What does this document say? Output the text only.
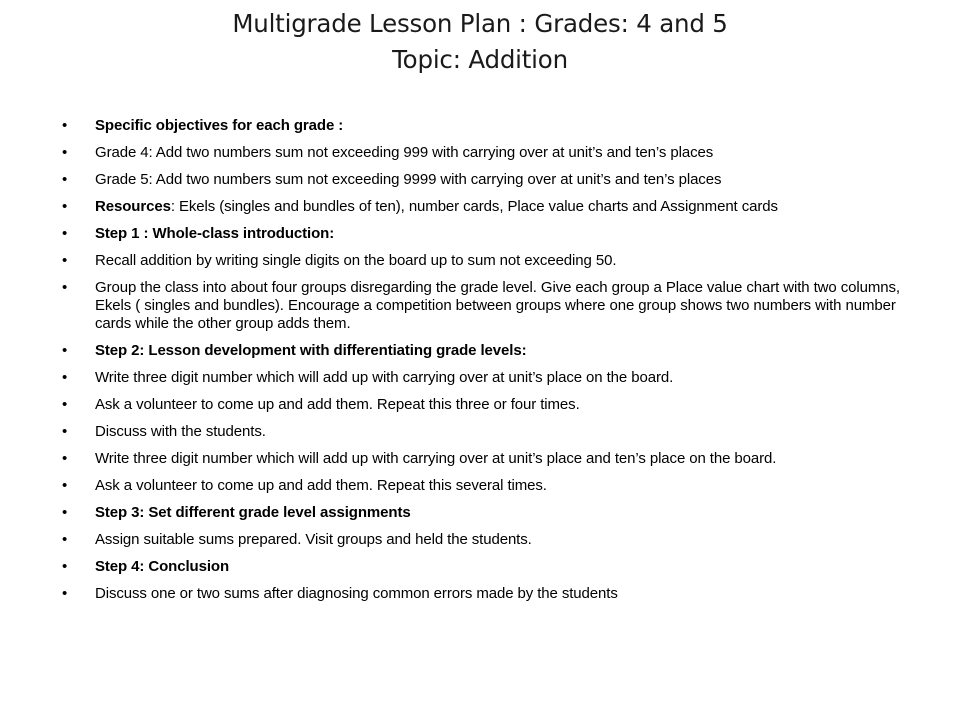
Multigrade Lesson Plan : Grades: 4 and 5
Topic: Addition
• Specific objectives for each grade :
• Grade 4: Add two numbers sum not exceeding 999 with carrying over at unit’s and ten’s places
• Grade 5: Add two numbers sum not exceeding 9999 with carrying over at unit’s and ten’s places
• Resources: Ekels (singles and bundles of ten), number cards, Place value charts and Assignment cards
• Step 1 : Whole-class introduction:
• Recall addition by writing single digits on the board up to sum not exceeding 50.
• Group the class into about four groups disregarding the grade level. Give each group a Place value chart with two columns, Ekels ( singles and bundles). Encourage a competition between groups where one group shows two numbers with number cards while the other group adds them.
• Step 2: Lesson development with differentiating grade levels:
• Write three digit number which will add up with carrying over at unit’s place on the board.
• Ask a volunteer to come up and add them. Repeat this three or four times.
• Discuss with the students.
• Write three digit number which will add up with carrying over at unit’s place and ten’s place on the board.
• Ask a volunteer to come up and add them. Repeat this several times.
• Step 3: Set different grade level assignments
• Assign suitable sums prepared. Visit groups and held the students.
• Step 4: Conclusion
• Discuss one or two sums after diagnosing common errors made by the students
